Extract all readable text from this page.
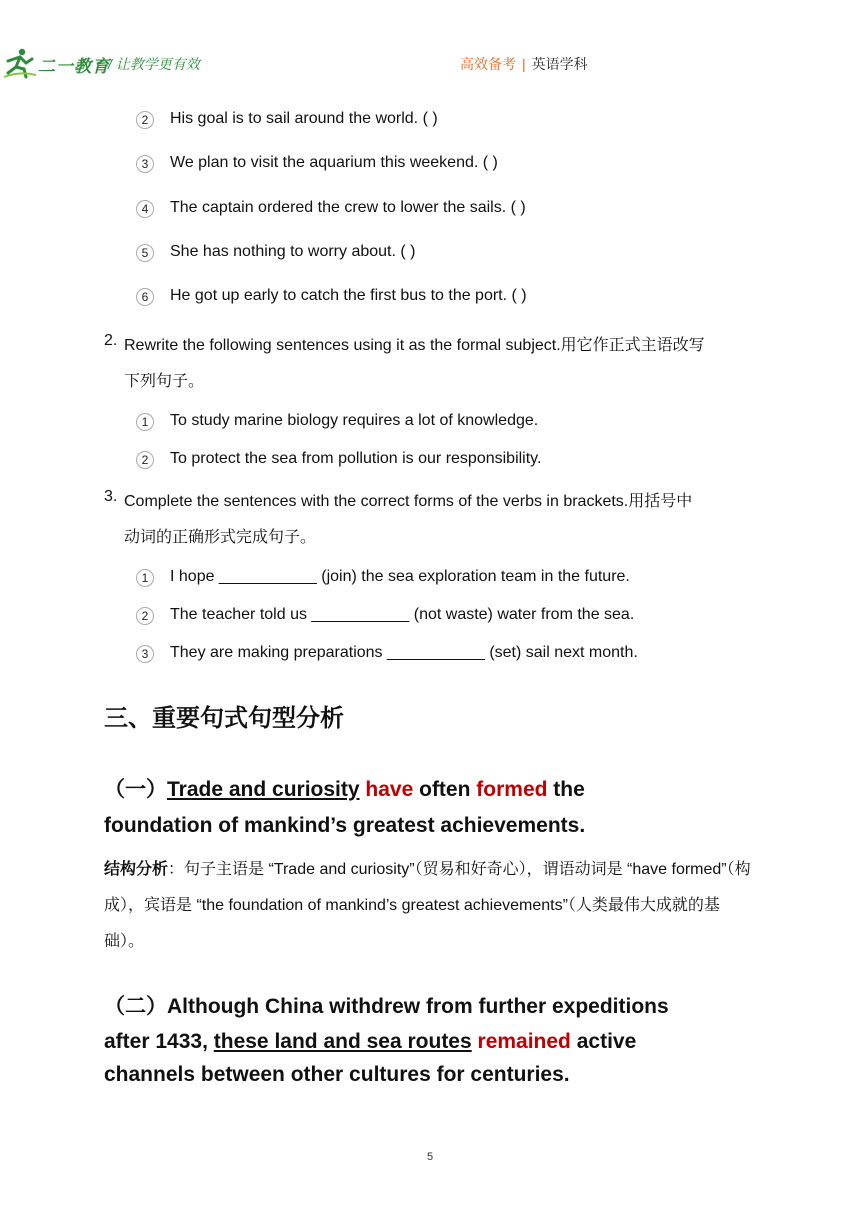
二一教育
/ 让教学更有效	高效备考 | 英语学科
2	His goal is to sail around the world. ( )
3	We plan to visit the aquarium this weekend. ( )
4	The captain ordered the crew to lower the sails. ( )
5	She has nothing to worry about. ( )
6	He got up early to catch the first bus to the port. ( )
2. Rewrite the following sentences using it as the formal subject.用它作正式主语改写
下列句子。
1	To study marine biology requires a lot of knowledge.
2	To protect the sea from pollution is our responsibility.
3. Complete the sentences with the correct forms of the verbs in brackets.用括号中
动词的正确形式完成句子。
1	I hope ___________ (join) the sea exploration team in the future.
2	The teacher told us ___________ (not waste) water from the sea.
3	They are making preparations ___________ (set) sail next month.
三、重要句式句型分析
（一）Trade and curiosity have often formed the
foundation of mankind’s greatest achievements.
结构分析：句子主语是 “Trade and curiosity”（贸易和好奇心），谓语动词是 “have formed”（构成），宾语是 “the foundation of mankind’s greatest achievements”（人类最伟大成就的基础）。
（二）Although China withdrew from further expeditions
after 1433, these land and sea routes remained active
channels between other cultures for centuries.
5
